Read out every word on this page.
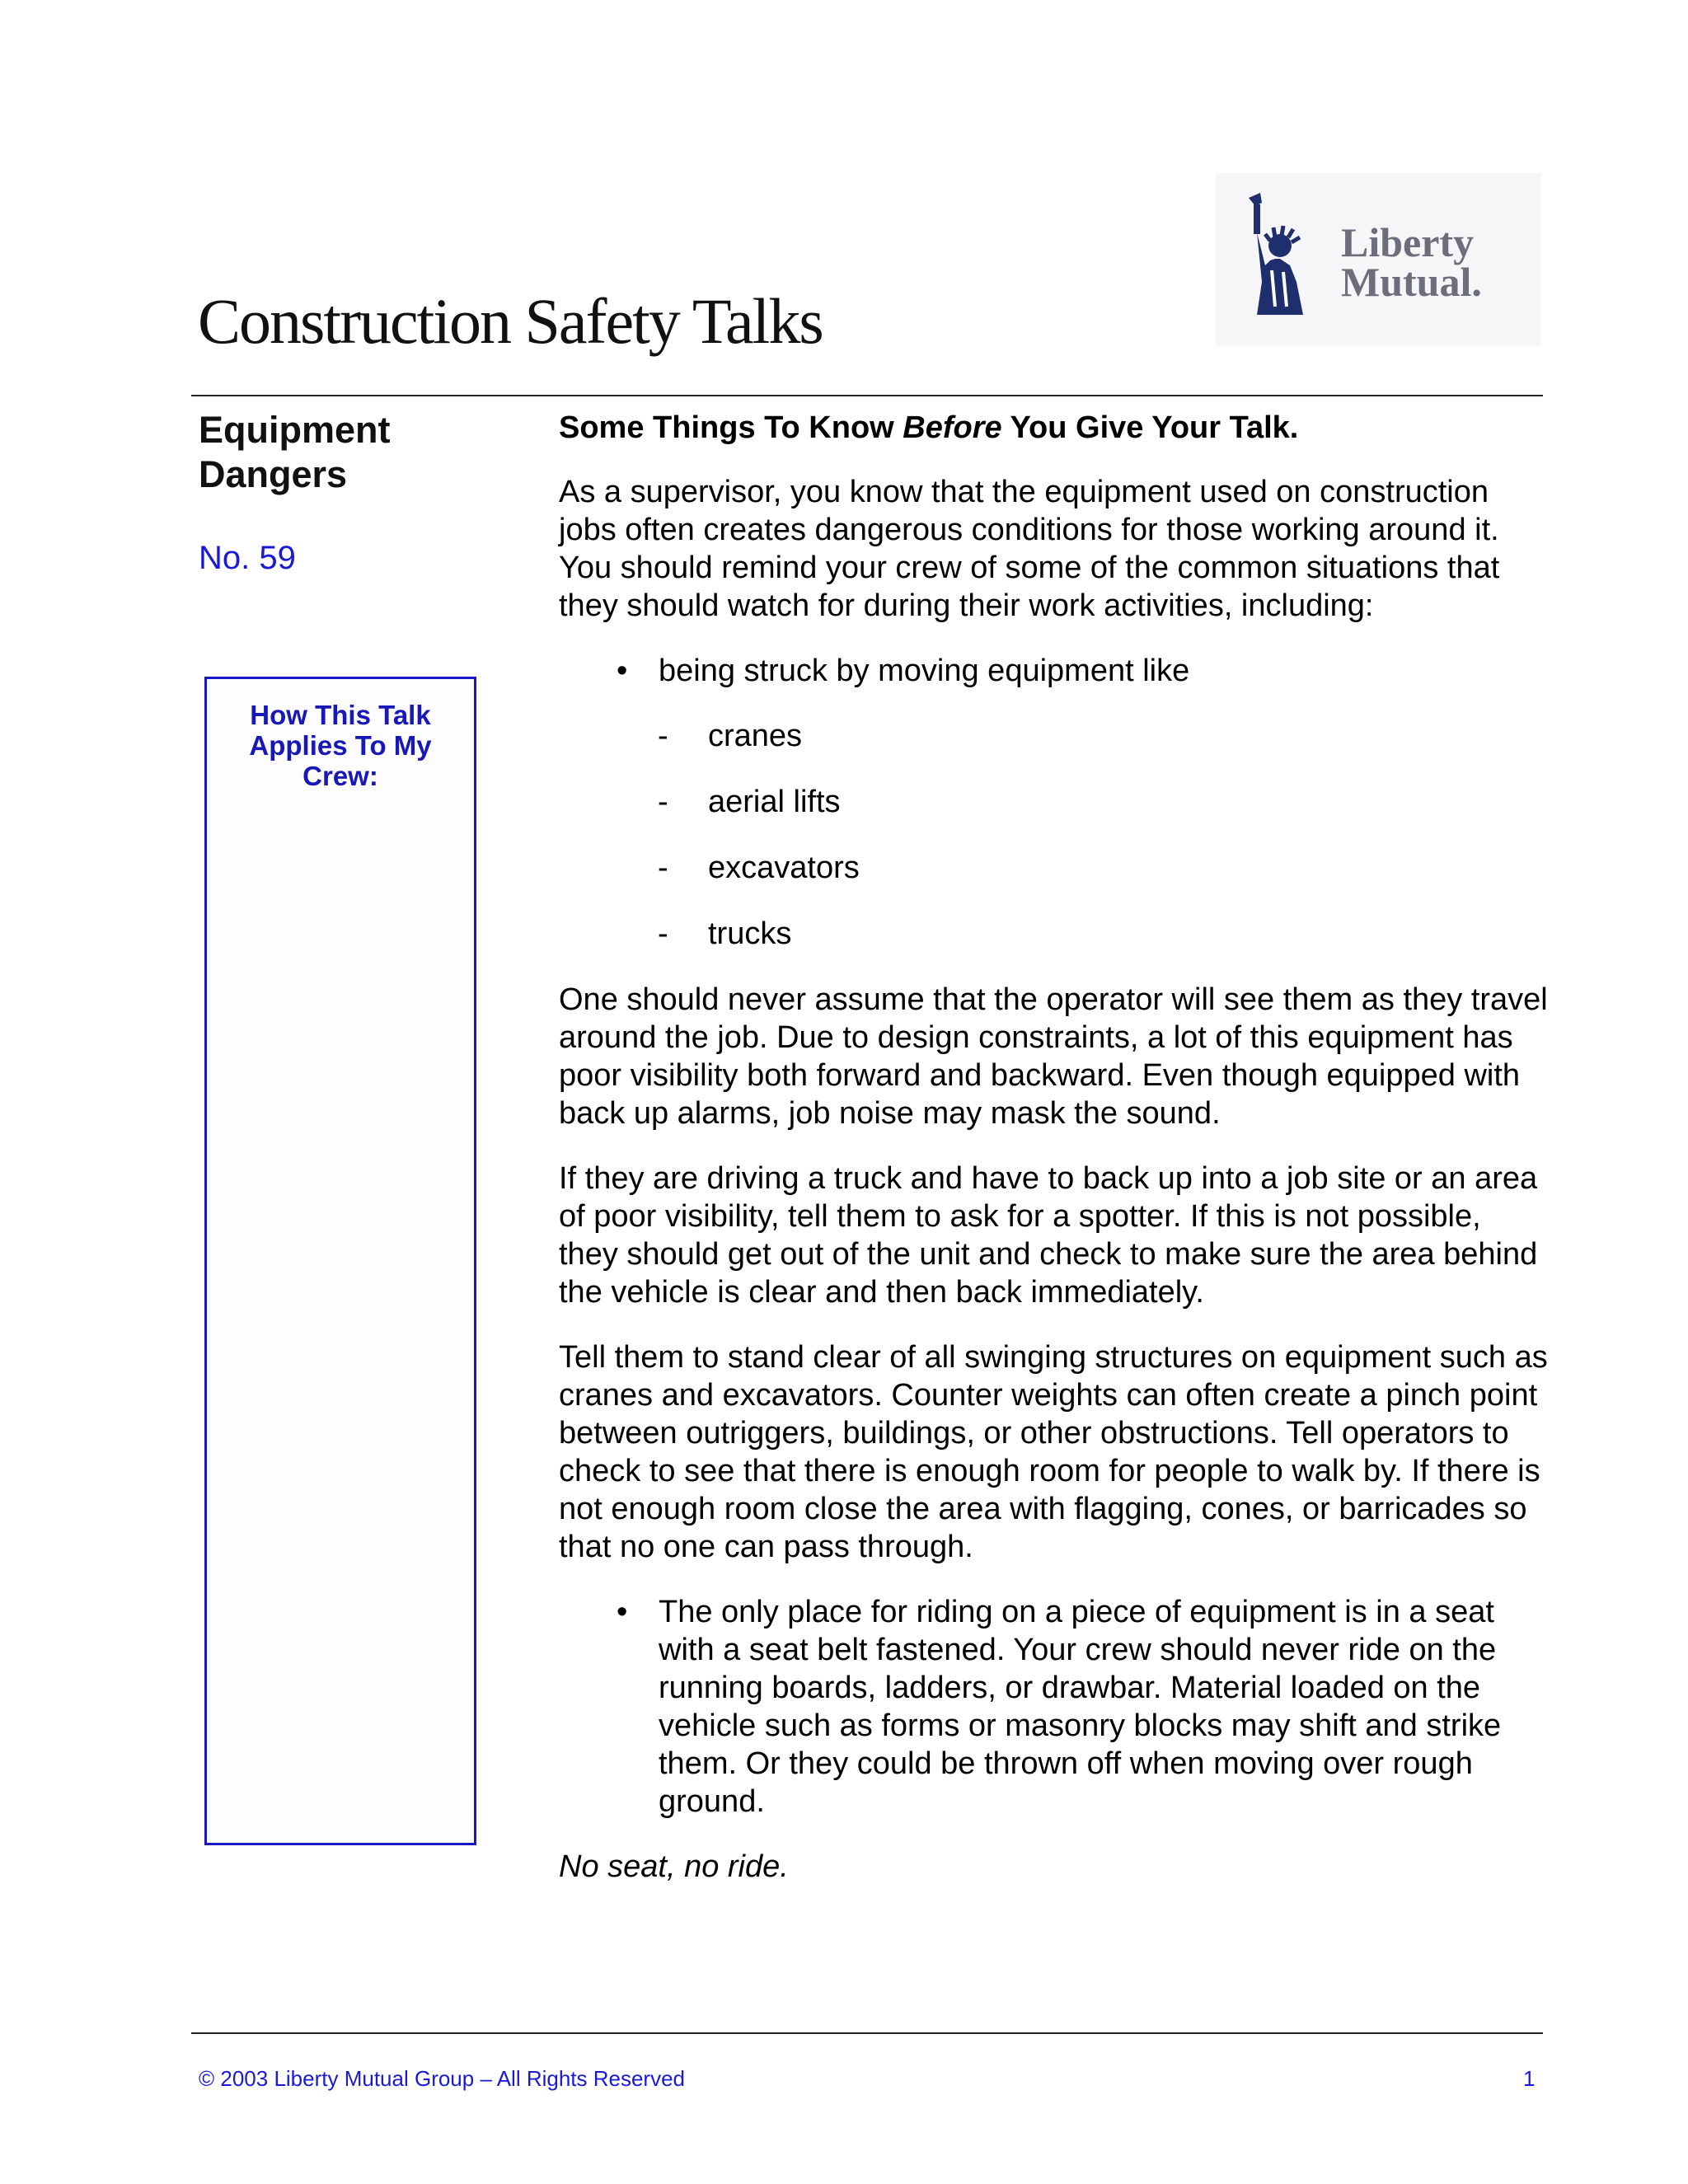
Construction Safety Talks
Liberty
Mutual.
Equipment
Dangers
No. 59
How This Talk
Applies To My
Crew:

Some Things To Know Before You Give Your Talk.

As a supervisor, you know that the equipment used on construction jobs often creates dangerous conditions for those working around it. You should remind your crew of some of the common situations that they should watch for during their work activities, including:

• being struck by moving equipment like
- cranes
- aerial lifts
- excavators
- trucks

One should never assume that the operator will see them as they travel around the job. Due to design constraints, a lot of this equipment has poor visibility both forward and backward. Even though equipped with back up alarms, job noise may mask the sound.

If they are driving a truck and have to back up into a job site or an area of poor visibility, tell them to ask for a spotter. If this is not possible, they should get out of the unit and check to make sure the area behind the vehicle is clear and then back immediately.

Tell them to stand clear of all swinging structures on equipment such as cranes and excavators. Counter weights can often create a pinch point between outriggers, buildings, or other obstructions. Tell operators to check to see that there is enough room for people to walk by. If there is not enough room close the area with flagging, cones, or barricades so that no one can pass through.

• The only place for riding on a piece of equipment is in a seat with a seat belt fastened. Your crew should never ride on the running boards, ladders, or drawbar. Material loaded on the vehicle such as forms or masonry blocks may shift and strike them. Or they could be thrown off when moving over rough ground.

No seat, no ride.

© 2003 Liberty Mutual Group – All Rights Reserved	1
